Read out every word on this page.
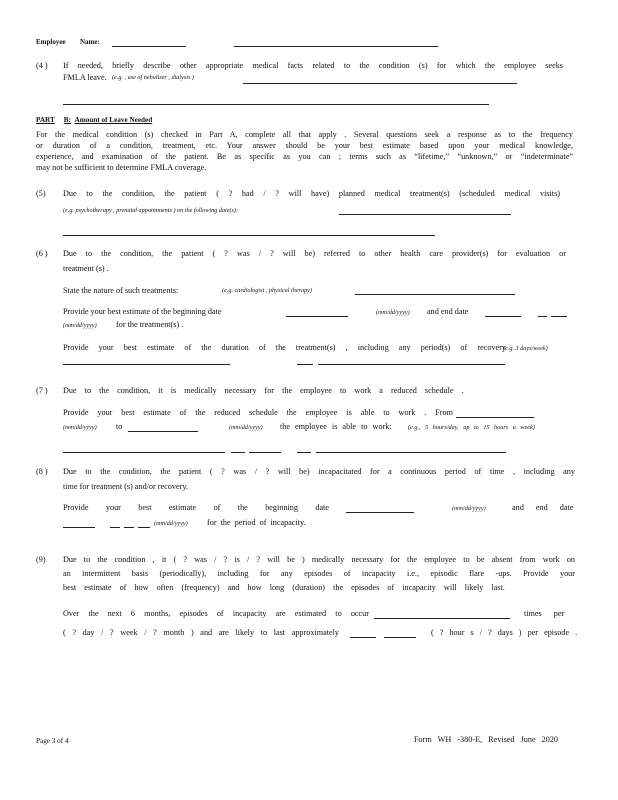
Employee Name:
(4 ) If needed, briefly describe other appropriate medical facts related to the condition (s) for which the employee seeks
FMLA leave. (e.g. , use of nebulizer , dialysis )
PART B: Amount of Leave Needed
For the medical condition (s) checked in Part A, complete all that apply . Several questions seek a response as to the frequency
or duration of a condition, treatment, etc. Your answer should be your best estimate based upon your medical knowledge,
experience, and examination of the patient. Be as specific as you can ; terms such as “lifetime,” “unknown,” or “indeterminate”
may not be sufficient to determine FMLA coverage.
(5) Due to the condition, the patient ( ? had / ? will have) planned medical treatment(s) (scheduled medical visits)
(e.g. psychotherapy , prenatal appointments ) on the following date(s):
(6 ) Due to the condition, the patient ( ? was / ? will be) referred to other health care provider(s) for evaluation or
treatment (s) .
State the nature of such treatments:	(e.g. cardiologist , physical therapy)
Provide your best estimate of the beginning date	(mm/dd/yyyy) and end date
(mm/dd/yyyy) for the treatment(s) .
Provide your best estimate of the duration of the treatment(s) , including any period(s) of recovery
(e.g. 3 days/week)
(7 ) Due to the condition, it is medically necessary for the employee to work a reduced schedule .
Provide your best estimate of the reduced schedule the employee is able to work . From
(mm/dd/yyyy) to	(mm/dd/yyyy) the employee is able to work:	(e.g., 5 hours/day, up to 15 hours a week)
(8 ) Due to the condition, the patient ( ? was / ? will be) incapacitated for a continuous period of time , including any
time for treatment (s) and/or recovery.
Provide your best estimate of the beginning date	(mm/dd/yyyy)	and end date
(mm/dd/yyyy) for the period of incapacity.
(9) Due to the condition , it ( ? was / ? is / ? will be ) medically necessary for the employee to be absent from work on
an intermittent basis (periodically), including for any episodes of incapacity i.e., episodic flare -ups. Provide your
best estimate of how often (frequency) and how long (duration) the episodes of incapacity will likely last.
Over the next 6 months, episodes of incapacity are estimated to occur	times per
( ? day / ? week / ? month ) and are likely to last approximately	( ? hour s / ? days ) per episode .
Page 3 of 4	Form WH -380-E, Revised June 2020
